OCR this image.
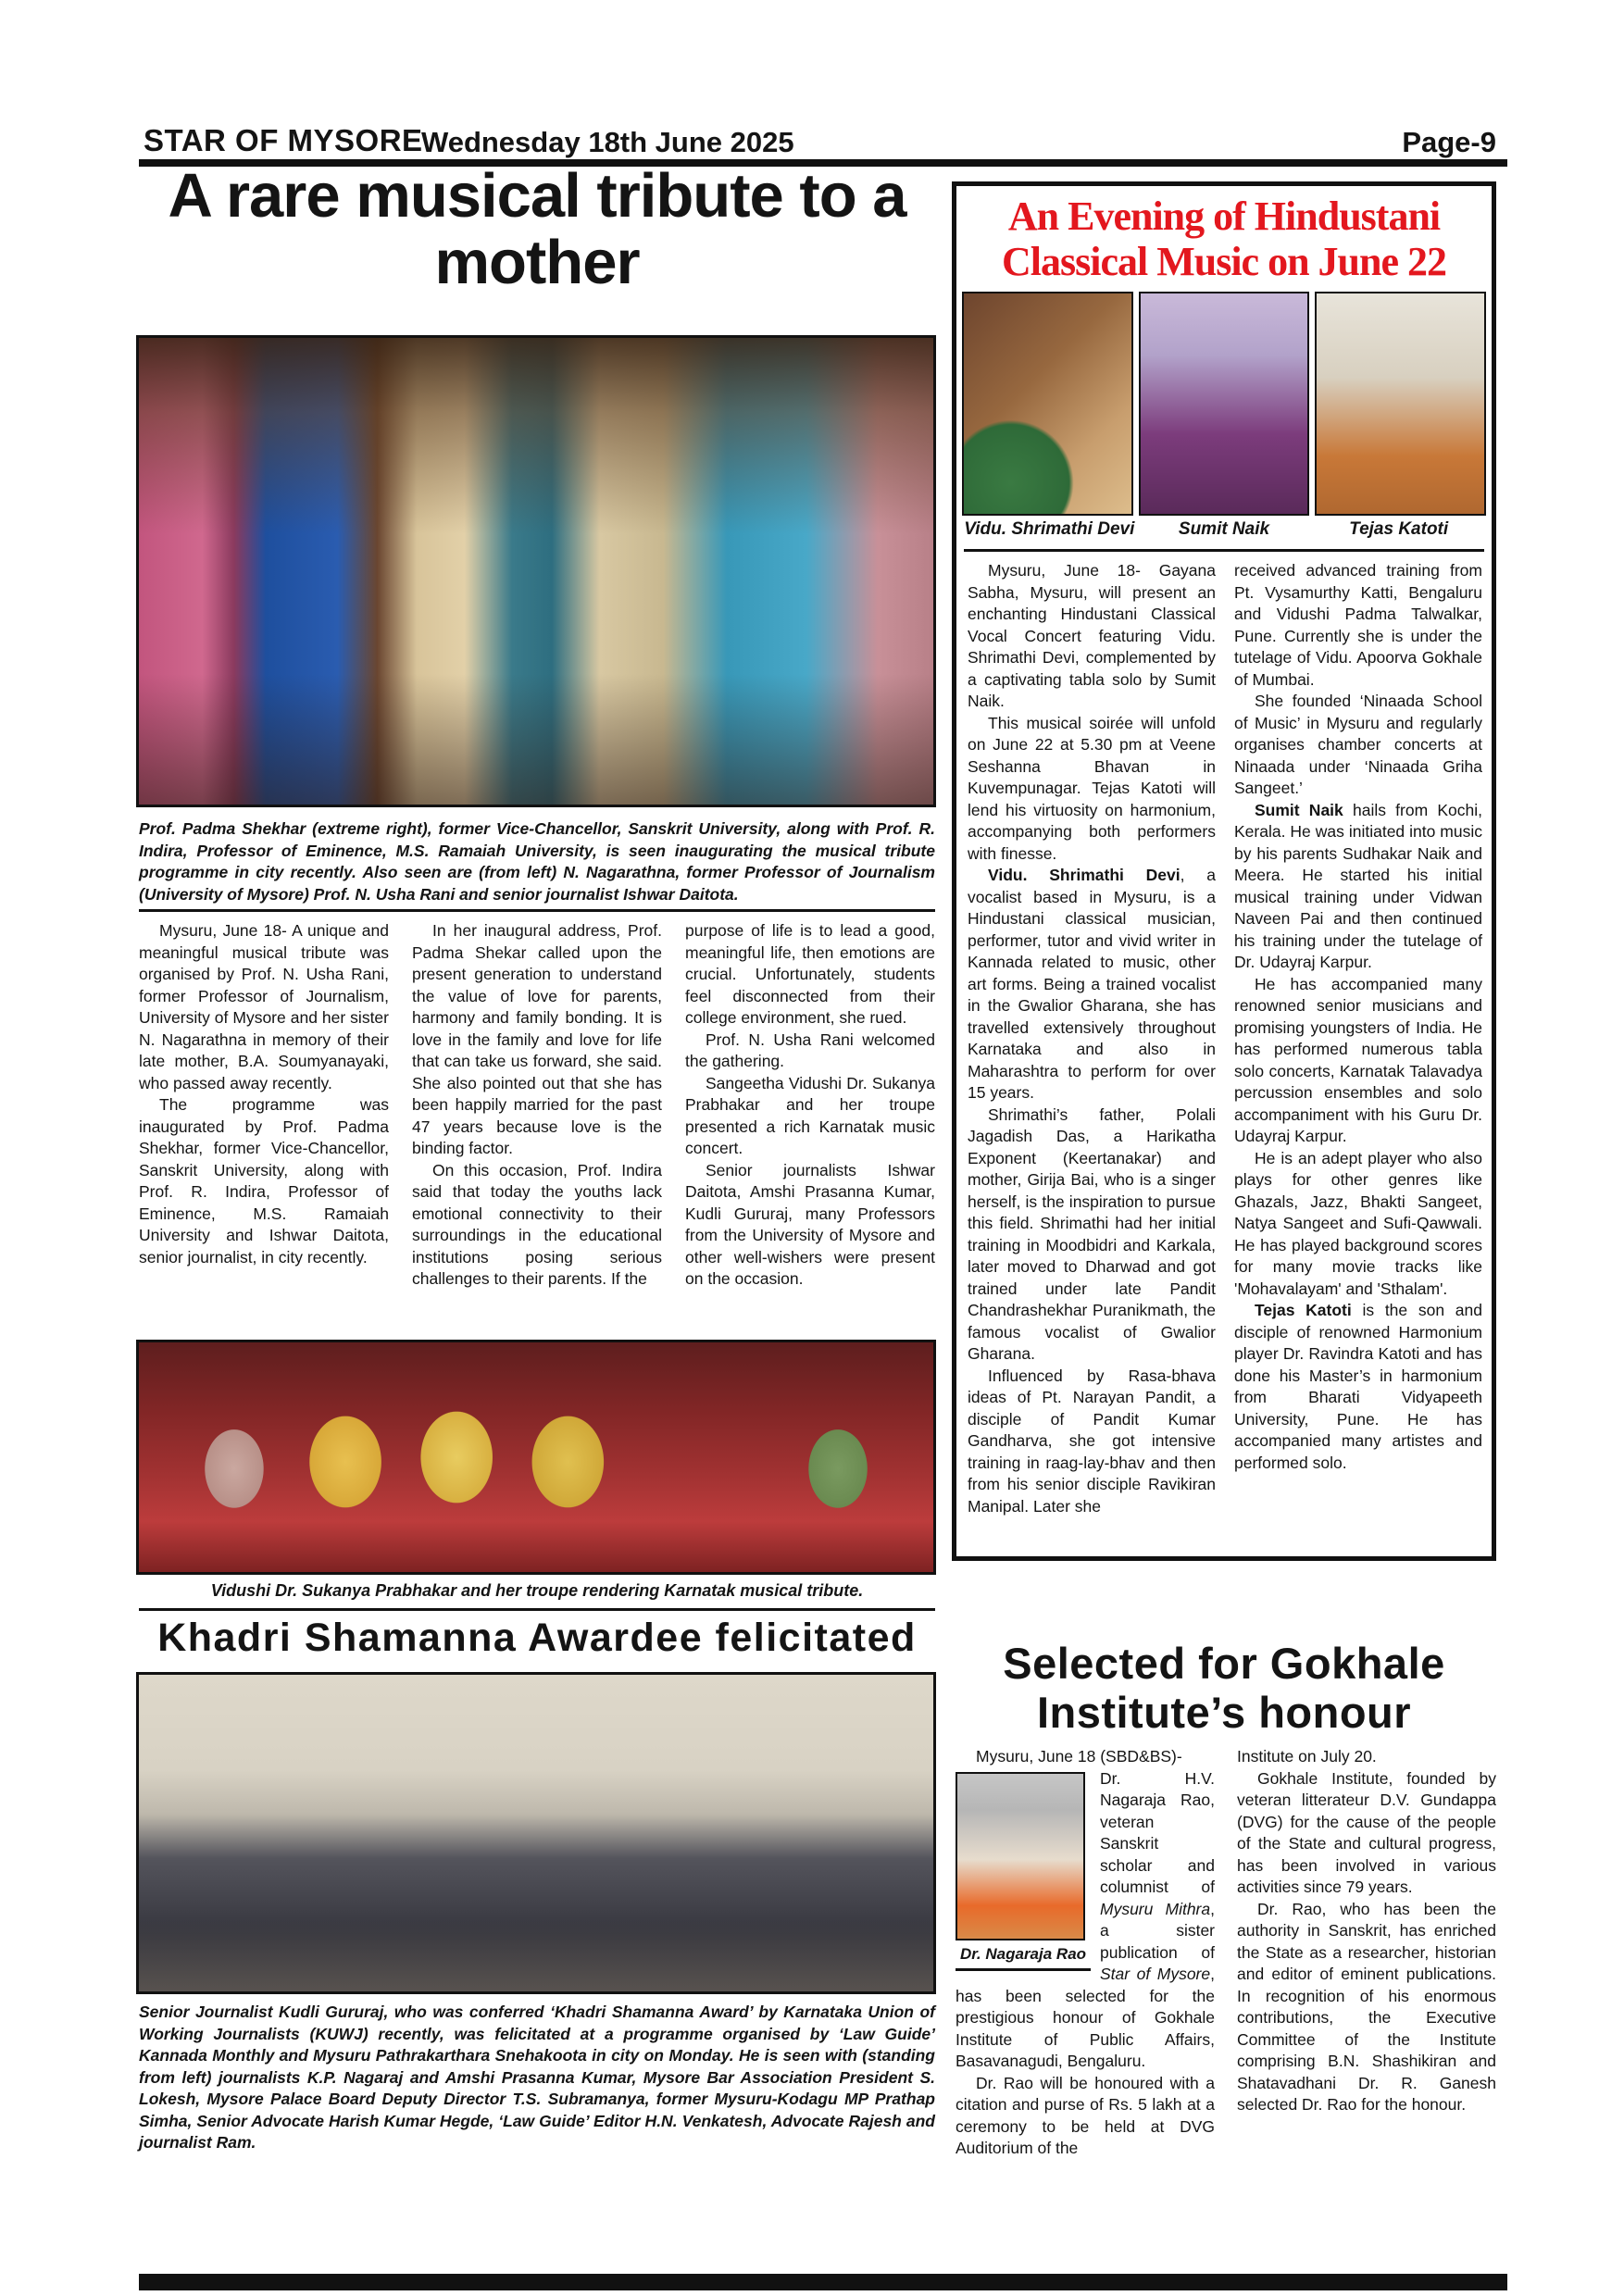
STAR OF MYSORE
Wednesday 18th June 2025	Page-9
A rare musical tribute to a mother
Prof. Padma Shekhar (extreme right), former Vice-Chancellor, Sanskrit University, along with Prof. R. Indira, Professor of Eminence, M.S. Ramaiah University, is seen inaugurating the musical tribute programme in city recently. Also seen are (from left) N. Nagarathna, former Professor of Journalism (University of Mysore) Prof. N. Usha Rani and senior journalist Ishwar Daitota.

Mysuru, June 18- A unique and meaningful musical tribute was organised by Prof. N. Usha Rani, former Professor of Journalism, University of Mysore and her sister N. Nagarathna in memory of their late mother, B.A. Soumyanayaki, who passed away recently.

The programme was inaugurated by Prof. Padma Shekhar, former Vice-Chancellor, Sanskrit University, along with Prof. R. Indira, Professor of Eminence, M.S. Ramaiah University and Ishwar Daitota, senior journalist, in city recently.

In her inaugural address, Prof. Padma Shekar called upon the present generation to understand the value of love for parents, harmony and family bonding. It is love in the family and love for life that can take us forward, she said. She also pointed out that she has been happily married for the past 47 years because love is the binding factor.

On this occasion, Prof. Indira said that today the youths lack emotional connectivity to their surroundings in the educational institutions posing serious challenges to their parents. If the

purpose of life is to lead a good, meaningful life, then emotions are crucial. Unfortunately, students feel disconnected from their college environment, she rued.

Prof. N. Usha Rani welcomed the gathering.

Sangeetha Vidushi Dr. Sukanya Prabhakar and her troupe presented a rich Karnatak music concert.

Senior journalists Ishwar Daitota, Amshi Prasanna Kumar, Kudli Gururaj, many Professors from the University of Mysore and other well-wishers were present on the occasion.

Vidushi Dr. Sukanya Prabhakar and her troupe rendering Karnatak musical tribute.
Khadri Shamanna Awardee felicitated
Senior Journalist Kudli Gururaj, who was conferred ‘Khadri Shamanna Award’ by Karnataka Union of Working Journalists (KUWJ) recently, was felicitated at a programme organised by ‘Law Guide’ Kannada Monthly and Mysuru Pathrakarthara Snehakoota in city on Monday. He is seen with (standing from left) journalists K.P. Nagaraj and Amshi Prasanna Kumar, Mysore Bar Association President S. Lokesh, Mysore Palace Board Deputy Director T.S. Subramanya, former Mysuru-Kodagu MP Prathap Simha, Senior Advocate Harish Kumar Hegde, ‘Law Guide’ Editor H.N. Venkatesh, Advocate Rajesh and journalist Ram.
An Evening of Hindustani Classical Music on June 22
Vidu. Shrimathi Devi	Sumit Naik	Tejas Katoti

Mysuru, June 18- Gayana Sabha, Mysuru, will present an enchanting Hindustani Classical Vocal Concert featuring Vidu. Shrimathi Devi, complemented by a captivating tabla solo by Sumit Naik.

This musical soirée will unfold on June 22 at 5.30 pm at Veene Seshanna Bhavan in Kuvempunagar. Tejas Katoti will lend his virtuosity on harmonium, accompanying both performers with finesse.

Vidu. Shrimathi Devi, a vocalist based in Mysuru, is a Hindustani classical musician, performer, tutor and vivid writer in Kannada related to music, other art forms. Being a trained vocalist in the Gwalior Gharana, she has travelled extensively throughout Karnataka and also in Maharashtra to perform for over 15 years.

Shrimathi’s father, Polali Jagadish Das, a Harikatha Exponent (Keertanakar) and mother, Girija Bai, who is a singer herself, is the inspiration to pursue this field. Shrimathi had her initial training in Moodbidri and Karkala, later moved to Dharwad and got trained under late Pandit Chandrashekhar Puranikmath, the famous vocalist of Gwalior Gharana.

Influenced by Rasa-bhava ideas of Pt. Narayan Pandit, a disciple of Pandit Kumar Gandharva, she got intensive training in raag-lay-bhav and then from his senior disciple Ravikiran Manipal. Later she

received advanced training from Pt. Vysamurthy Katti, Bengaluru and Vidushi Padma Talwalkar, Pune. Currently she is under the tutelage of Vidu. Apoorva Gokhale of Mumbai.

She founded ‘Ninaada School of Music’ in Mysuru and regularly organises chamber concerts at Ninaada under ‘Ninaada Griha Sangeet.’

Sumit Naik hails from Kochi, Kerala. He was initiated into music by his parents Sudhakar Naik and Meera. He started his initial musical training under Vidwan Naveen Pai and then continued his training under the tutelage of Dr. Udayraj Karpur.

He has accompanied many renowned senior musicians and promising youngsters of India. He has performed numerous tabla solo concerts, Karnatak Talavadya percussion ensembles and solo accompaniment with his Guru Dr. Udayraj Karpur.

He is an adept player who also plays for other genres like Ghazals, Jazz, Bhakti Sangeet, Natya Sangeet and Sufi-Qawwali. He has played background scores for many movie tracks like 'Mohavalayam' and 'Sthalam'.

Tejas Katoti is the son and disciple of renowned Harmonium player Dr. Ravindra Katoti and has done his Master’s in harmonium from Bharati Vidyapeeth University, Pune. He has accompanied many artistes and performed solo.

Selected for Gokhale Institute’s honour

Mysuru, June 18 (SBD&BS)-

Dr. Nagaraja Rao

Dr. H.V. Nagaraja Rao, veteran Sanskrit scholar and columnist of Mysuru Mithra, a sister publication of Star of Mysore, has been selected for the prestigious honour of Gokhale Institute of Public Affairs, Basavanagudi, Bengaluru.

Dr. Rao will be honoured with a citation and purse of Rs. 5 lakh at a ceremony to be held at DVG Auditorium of the

Institute on July 20.

Gokhale Institute, founded by veteran litterateur D.V. Gundappa (DVG) for the cause of the people of the State and cultural progress, has been involved in various activities since 79 years.

Dr. Rao, who has been the authority in Sanskrit, has enriched the State as a researcher, historian and editor of eminent publications. In recognition of his enormous contributions, the Executive Committee of the Institute comprising B.N. Shashikiran and Shatavadhani Dr. R. Ganesh selected Dr. Rao for the honour.
